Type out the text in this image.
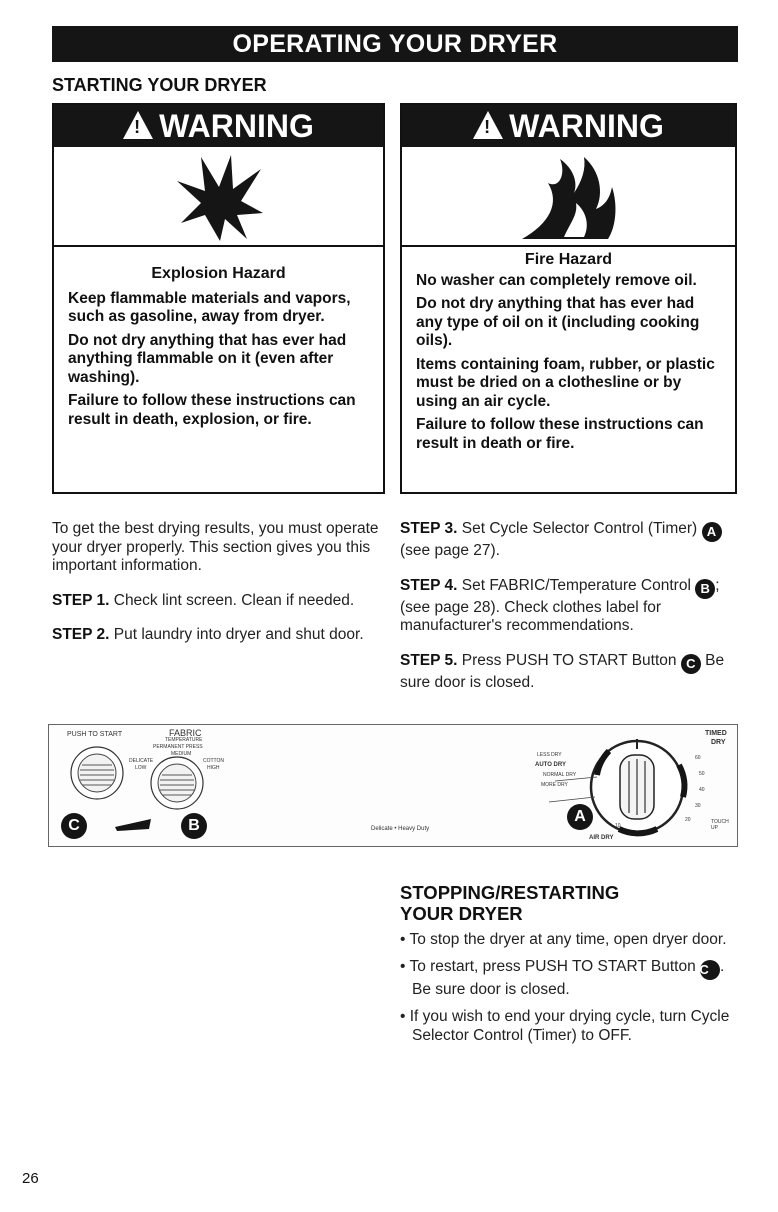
OPERATING YOUR DRYER
STARTING YOUR DRYER
!WARNING

Explosion Hazard

Keep flammable materials and vapors, such as gasoline, away from dryer.

Do not dry anything that has ever had anything flammable on it (even after washing).

Failure to follow these instructions can result in death, explosion, or fire.

!WARNING

Fire Hazard

No washer can completely remove oil.

Do not dry anything that has ever had any type of oil on it (including cooking oils).

Items containing foam, rubber, or plastic must be dried on a clothesline or by using an air cycle.

Failure to follow these instructions can result in death or fire.

To get the best drying results, you must operate your dryer properly. This section gives you this important information.

STEP 1. Check lint screen. Clean if needed.

STEP 2. Put laundry into dryer and shut door.

STEP 3. Set Cycle Selector Control (Timer) A (see page 27).

STEP 4. Set FABRIC/Temperature Control B ; (see page 28). Check clothes label for manufacturer's recommendations.

STEP 5. Press PUSH TO START Button C Be sure door is closed.

PUSH TO START	FABRIC
TEMPERATURE
PERMANENT PRESS
MEDIUM
DELICATE
LOW
COTTON
HIGH
C	B
A
Delicate • Heavy Duty
TIMED
DRY
LESS DRY
AUTO DRY
NORMAL DRY
MORE DRY
AIR DRY
TOUCH UP
10
20
30
40
50
60
STOPPING/RESTARTING
YOUR DRYER
• To stop the dryer at any time, open dryer door.
• To restart, press PUSH TO START Button C . Be sure door is closed.
• If you wish to end your drying cycle, turn Cycle Selector Control (Timer) to OFF.
26
